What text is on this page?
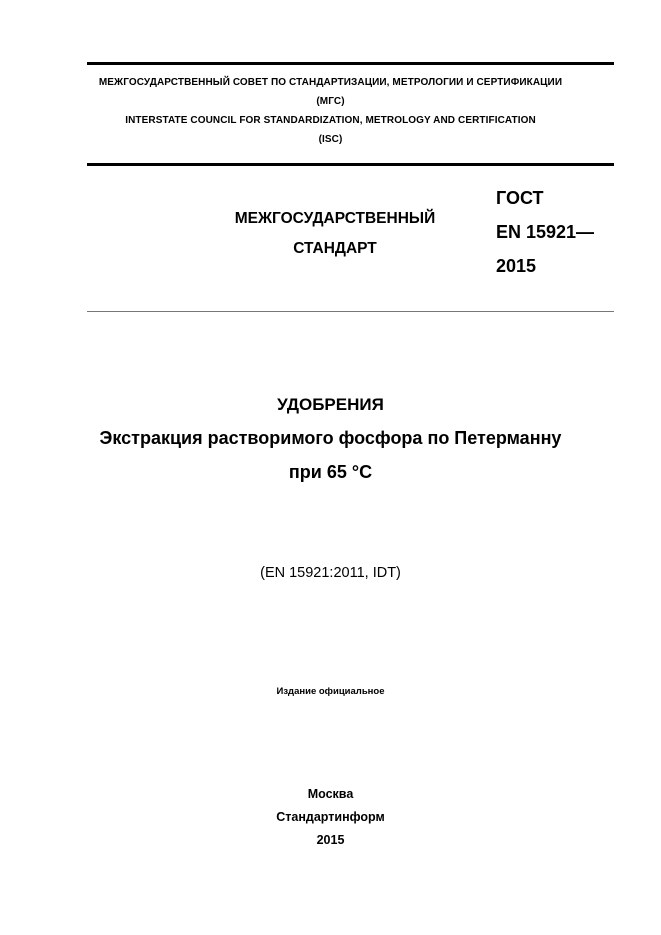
МЕЖГОСУДАРСТВЕННЫЙ СОВЕТ ПО СТАНДАРТИЗАЦИИ, МЕТРОЛОГИИ И СЕРТИФИКАЦИИ
(МГС)
INTERSTATE COUNCIL FOR STANDARDIZATION, METROLOGY AND CERTIFICATION
(ISC)
МЕЖГОСУДАРСТВЕННЫЙ
СТАНДАРТ
ГОСТ
EN 15921—
2015
УДОБРЕНИЯ
Экстракция растворимого фосфора по Петерманну
при 65 °С
(EN 15921:2011, IDT)
Издание официальное
Москва
Стандартинформ
2015
